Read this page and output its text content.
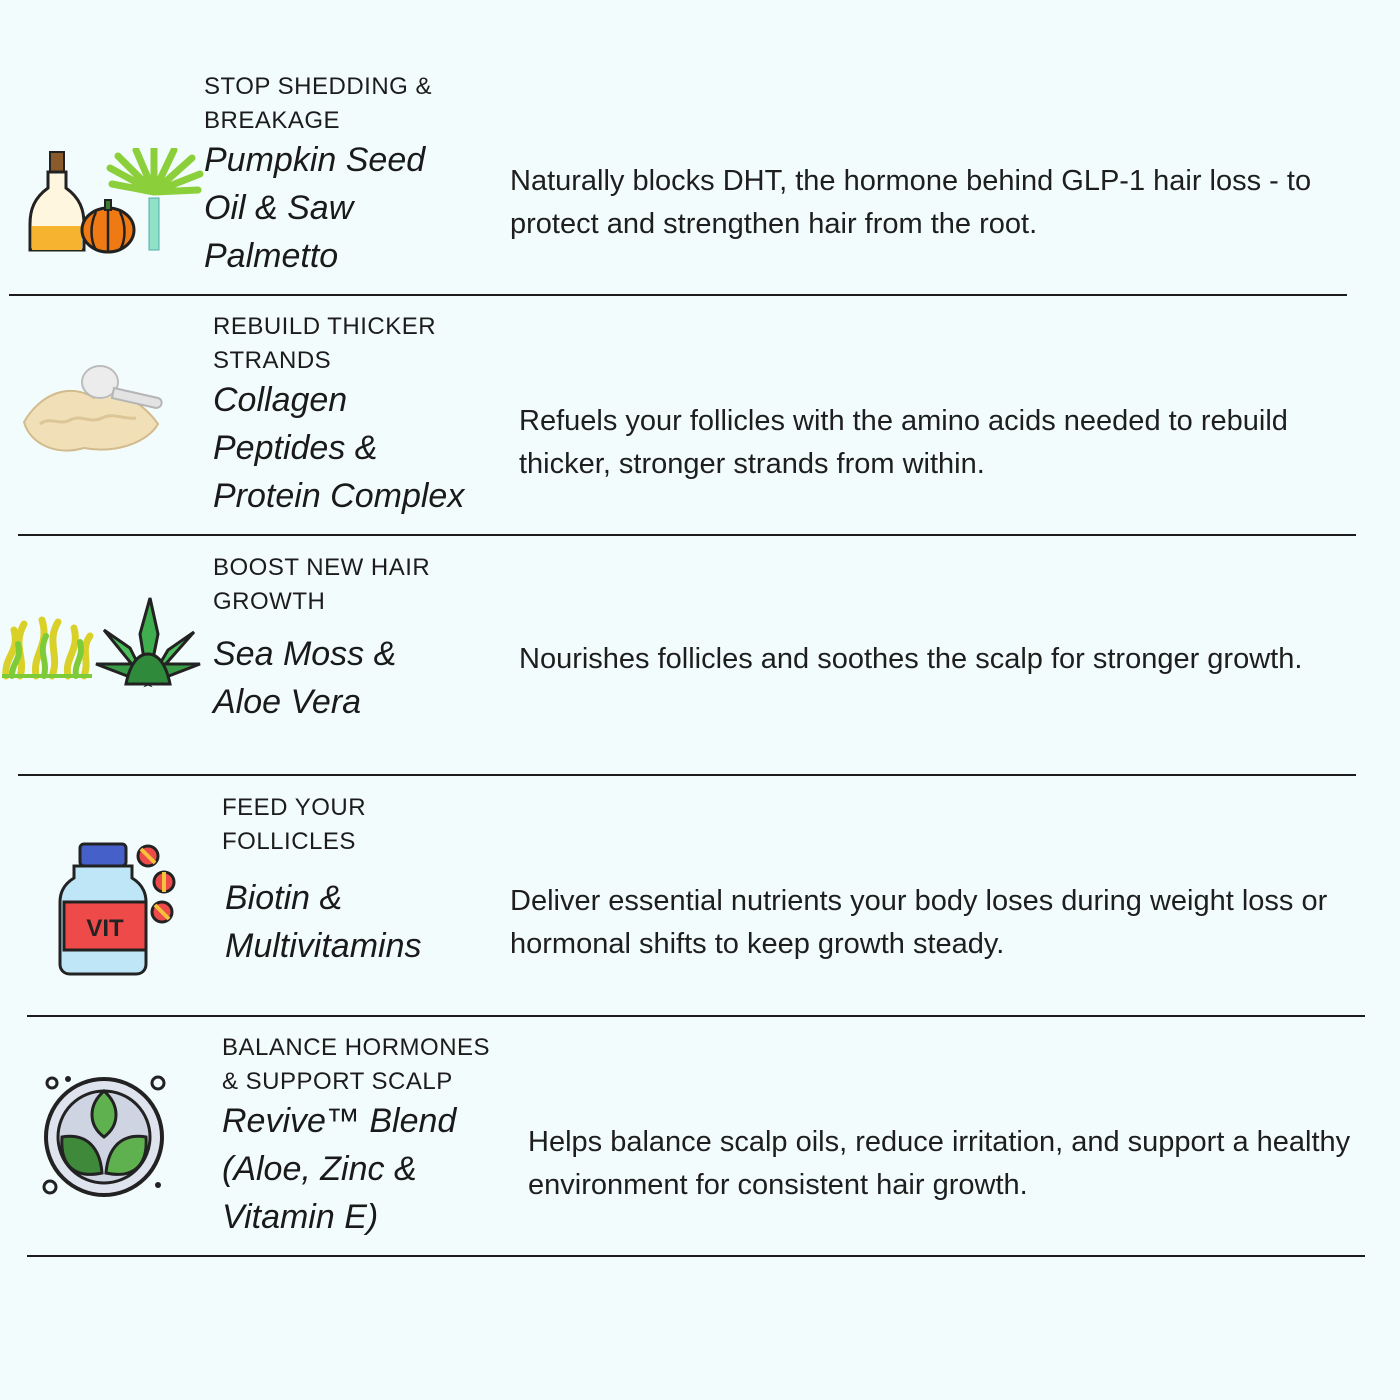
STOP SHEDDING &
BREAKAGE
Pumpkin Seed
Oil & Saw
Palmetto
Naturally blocks DHT, the hormone behind GLP-1 hair loss - to protect and strengthen hair from the root.
REBUILD THICKER
STRANDS
Collagen
Peptides &
Protein Complex
Refuels your follicles with the amino acids needed to rebuild thicker, stronger strands from within.
BOOST NEW HAIR
GROWTH
Sea Moss &
Aloe Vera
Nourishes follicles and soothes the scalp for stronger growth.
VIT
FEED YOUR
FOLLICLES
Biotin &
Multivitamins
Deliver essential nutrients your body loses during weight loss or hormonal shifts to keep growth steady.
BALANCE HORMONES
& SUPPORT SCALP
Revive™ Blend
(Aloe, Zinc &
Vitamin E)
Helps balance scalp oils, reduce irritation, and support a healthy environment for consistent hair growth.
